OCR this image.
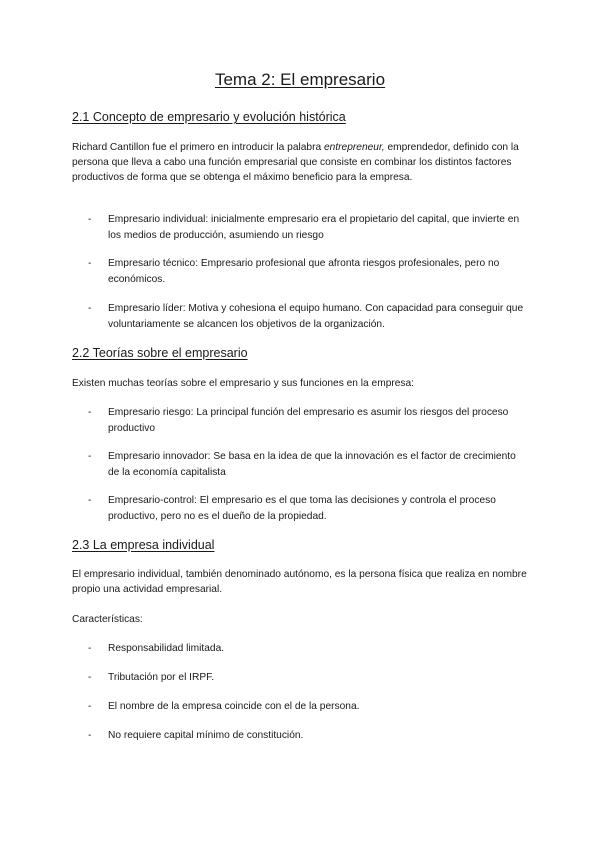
Tema 2: El empresario
2.1 Concepto de empresario y evolución histórica

Richard Cantillon fue el primero en introducir la palabra entrepreneur, emprendedor, definido con la persona que lleva a cabo una función empresarial que consiste en combinar los distintos factores productivos de forma que se obtenga el máximo beneficio para la empresa.

- Empresario individual: inicialmente empresario era el propietario del capital, que invierte en los medios de producción, asumiendo un riesgo
- Empresario técnico: Empresario profesional que afronta riesgos profesionales, pero no económicos.
- Empresario líder: Motiva y cohesiona el equipo humano. Con capacidad para conseguir que voluntariamente se alcancen los objetivos de la organización.
2.2 Teorías sobre el empresario

Existen muchas teorías sobre el empresario y sus funciones en la empresa:

- Empresario riesgo: La principal función del empresario es asumir los riesgos del proceso productivo
- Empresario innovador: Se basa en la idea de que la innovación es el factor de crecimiento de la economía capitalista
- Empresario-control: El empresario es el que toma las decisiones y controla el proceso productivo, pero no es el dueño de la propiedad.
2.3 La empresa individual

El empresario individual, también denominado autónomo, es la persona física que realiza en nombre propio una actividad empresarial.

Características:

- Responsabilidad limitada.
- Tributación por el IRPF.
- El nombre de la empresa coincide con el de la persona.
- No requiere capital mínimo de constitución.
